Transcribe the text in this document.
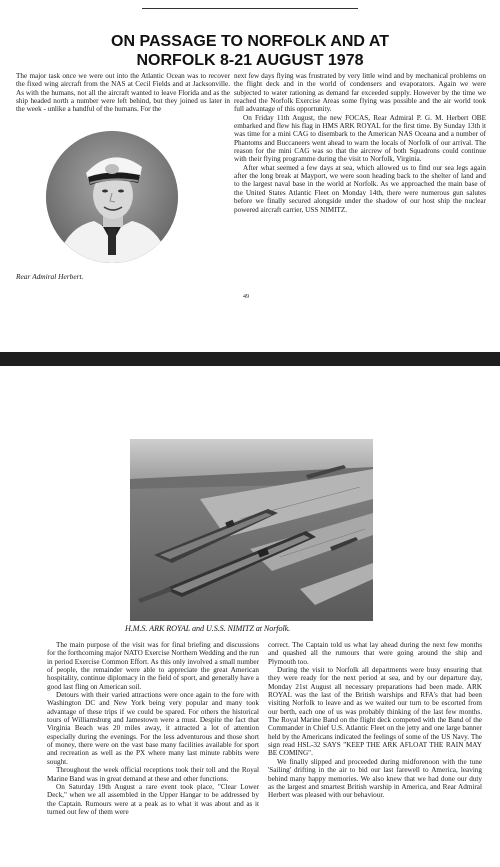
ON PASSAGE TO NORFOLK AND AT
NORFOLK 8-21 AUGUST 1978

The major task once we were out into the Atlantic Ocean was to recover the fixed wing aircraft from the NAS at Cecil Fields and at Jacksonville. As with the humans, not all the aircraft wanted to leave Florida and as the ship headed north a number were left behind, but they joined us later in the week - unlike a handful of the humans. For the

Rear Admiral Herbert.

next few days flying was frustrated by very little wind and by mechanical problems on the flight deck and in the world of condensers and evaporators. Again we were subjected to water rationing as demand far exceeded supply. However by the time we reached the Norfolk Exercise Areas some flying was possible and the air world took full advantage of this opportunity.

On Friday 11th August, the new FOCAS, Rear Admiral P. G. M. Herbert OBE embarked and flew his flag in HMS ARK ROYAL for the first time. By Sunday 13th it was time for a mini CAG to disembark to the American NAS Oceana and a number of Phantoms and Buccaneers went ahead to warn the locals of Norfolk of our arrival. The reason for the mini CAG was so that the aircrew of both Squadrons could continue with their flying programme during the visit to Norfolk, Virginia.

After what seemed a few days at sea, which allowed us to find our sea legs again after the long break at Mayport, we were soon heading back to the shelter of land and to the largest naval base in the world at Norfolk. As we approached the main base of the United States Atlantic Fleet on Monday 14th, there were numerous gun salutes before we finally secured alongside under the shadow of our host ship the nuclear powered aircraft carrier, USS NIMITZ.

49
H.M.S. ARK ROYAL and U.S.S. NIMITZ at Norfolk.

The main purpose of the visit was for final briefing and discussions for the forthcoming major NATO Exercise Northern Wedding and the run in period Exercise Common Effort. As this only involved a small number of people, the remainder were able to appreciate the great American hospitality, continue diplomacy in the field of sport, and generally have a good last fling on American soil.

Detours with their varied attractions were once again to the fore with Washington DC and New York being very popular and many took advantage of these trips if we could be spared. For others the historical tours of Williamsburg and Jamestown were a must. Despite the fact that Virginia Beach was 20 miles away, it attracted a lot of attention especially during the evenings. For the less adventurous and those short of money, there were on the vast base many facilities available for sport and recreation as well as the PX where many last minute rabbits were sought.

Throughout the week official receptions took their toll and the Royal Marine Band was in great demand at these and other functions.

On Saturday 19th August a rare event took place, "Clear Lower Deck," when we all assembled in the Upper Hangar to be addressed by the Captain. Rumours were at a peak as to what it was about and as it turned out few of them were

correct. The Captain told us what lay ahead during the next few months and quashed all the rumours that were going around the ship and Plymouth too.

During the visit to Norfolk all departments were busy ensuring that they were ready for the next period at sea, and by our departure day, Monday 21st August all necessary preparations had been made. ARK ROYAL was the last of the British warships and RFA's that had been visiting Norfolk to leave and as we waited our turn to be escorted from our berth, each one of us was probably thinking of the last few months. The Royal Marine Band on the flight deck competed with the Band of the Commander in Chief U.S. Atlantic Fleet on the jetty and one large banner held by the Americans indicated the feelings of some of the US Navy. The sign read HSL-32 SAYS "KEEP THE ARK AFLOAT THE RAIN MAY BE COMING".

We finally slipped and proceeded during midforenoon with the tune 'Sailing' drifting in the air to bid our last farewell to America, leaving behind many happy memories. We also knew that we had done our duty as the largest and smartest British warship in America, and Rear Admiral Herbert was pleased with our behaviour.
